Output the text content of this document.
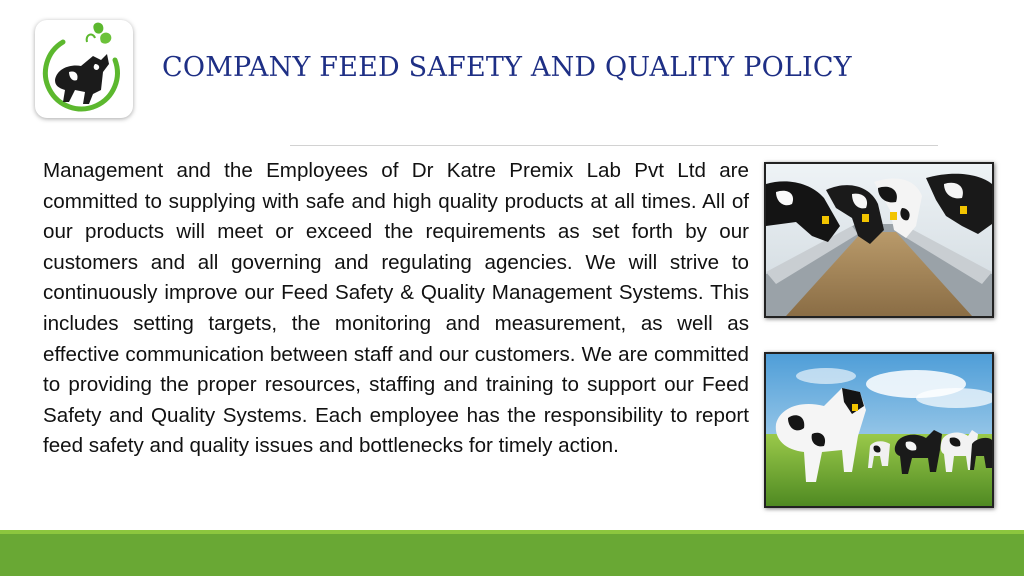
COMPANY FEED SAFETY AND QUALITY POLICY

Management and the Employees of Dr Katre Premix Lab Pvt Ltd are committed to supplying with safe and high quality products at all times. All of our products will meet or exceed the requirements as set forth by our customers and all governing and regulating agencies. We will strive to continuously improve our Feed Safety & Quality Management Systems. This includes setting targets, the monitoring and measurement, as well as effective communication between staff and our customers. We are committed to providing the proper resources, staffing and training to support our Feed Safety and Quality Systems. Each employee has the responsibility to report feed safety and quality issues and bottlenecks for timely action.
